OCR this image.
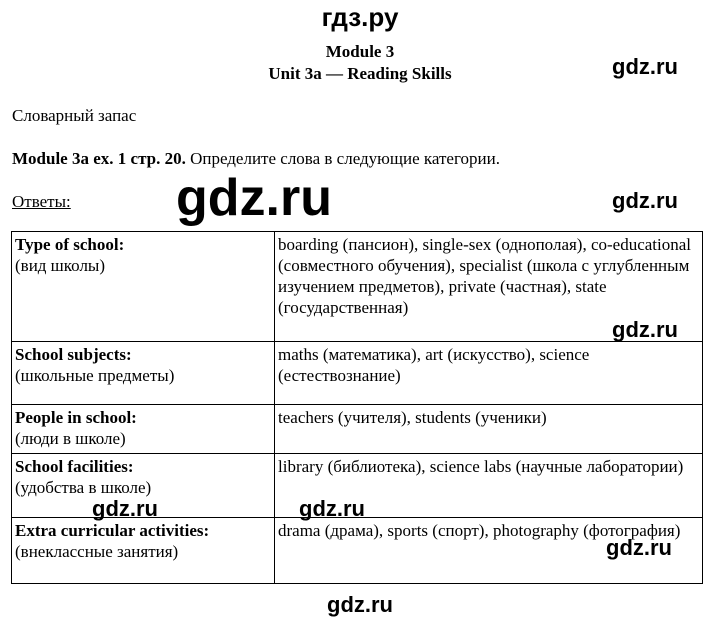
гдз.ру
Module 3
Unit 3a — Reading Skills	gdz.ru
Словарный запас
Module 3a ex. 1 стр. 20. Определите слова в следующие категории.
Ответы: gdz.ru	gdz.ru
Type of school:
(вид школы)	boarding (пансион), single-sex (однополая), co-educational (совместного обучения), specialist (школа с углубленным изучением предметов), private (частная), state (государственная)

School subjects:
(школьные предметы)	maths (математика), art (искусство), science (естествознание)

People in school:
(люди в школе)	teachers (учителя), students (ученики)

School facilities:
(удобства в школе)	library (библиотека), science labs (научные лаборатории)

Extra curricular activities:
(внеклассные занятия)	drama (драма), sports (спорт), photography (фотография)
gdz.ru
gdz.ru	gdz.ru
gdz.ru
gdz.ru
